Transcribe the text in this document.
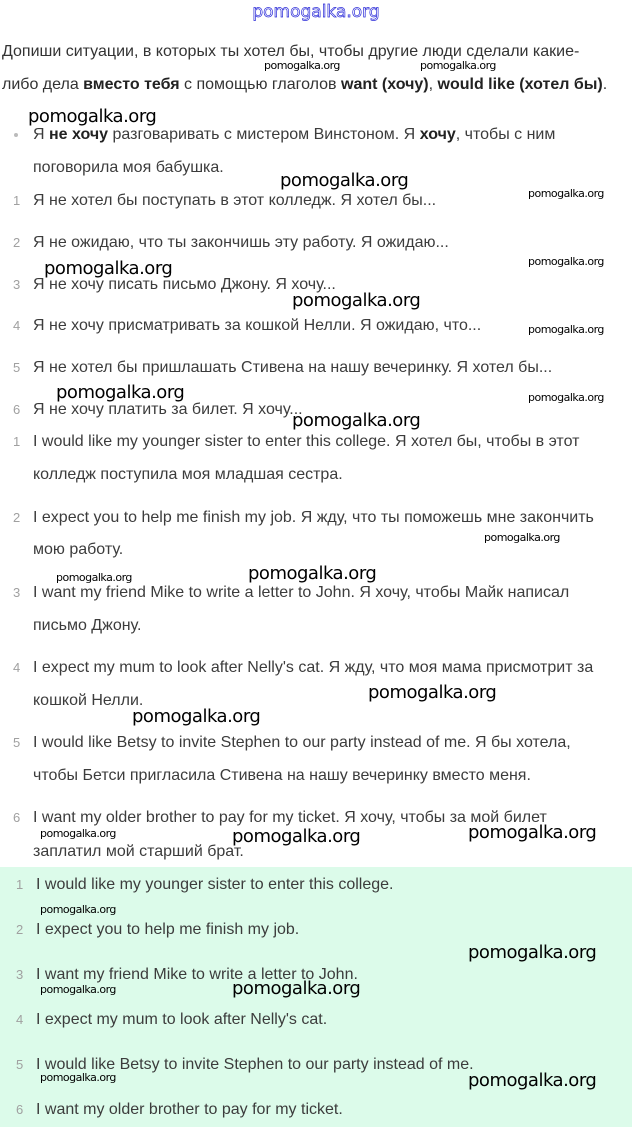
pomogalka.org
Допиши ситуации, в которых ты хотел бы, чтобы другие люди сделали какие-
либо дела вместо тебя с помощью глаголов want (хочу), would like (хотел бы).
Я не хочу разговаривать с мистером Винстоном. Я хочу, чтобы с ним
поговорила моя бабушка.
1 Я не хотел бы поступать в этот колледж. Я хотел бы...
2 Я не ожидаю, что ты закончишь эту работу. Я ожидаю...
3 Я не хочу писать письмо Джону. Я хочу...
4 Я не хочу присматривать за кошкой Нелли. Я ожидаю, что...
5 Я не хотел бы пришлашать Стивена на нашу вечеринку. Я хотел бы...
6 Я не хочу платить за билет. Я хочу...
1 I would like my younger sister to enter this college. Я хотел бы, чтобы в этот
колледж поступила моя младшая сестра.
2 I expect you to help me finish my job. Я жду, что ты поможешь мне закончить
мою работу.
3 I want my friend Mike to write a letter to John. Я хочу, чтобы Майк написал
письмо Джону.
4 I expect my mum to look after Nelly's cat. Я жду, что моя мама присмотрит за
кошкой Нелли.
5 I would like Betsy to invite Stephen to our party instead of me. Я бы хотела,
чтобы Бетси пригласила Стивена на нашу вечеринку вместо меня.
6 I want my older brother to pay for my ticket. Я хочу, чтобы за мой билет
заплатил мой старший брат.
1 I would like my younger sister to enter this college.
2 I expect you to help me finish my job.
3 I want my friend Mike to write a letter to John.
4 I expect my mum to look after Nelly's cat.
5 I would like Betsy to invite Stephen to our party instead of me.
6 I want my older brother to pay for my ticket.
pomogalka.org
pomogalka.org
pomogalka.org
pomogalka.org
pomogalka.org
pomogalka.org
pomogalka.org
pomogalka.org
pomogalka.org
pomogalka.org	pomogalka.org
pomogalka.org
pomogalka.org
pomogalka.org
pomogalka.org	pomogalka.org
pomogalka.org
pomogalka.org
pomogalka.org
pomogalka.org
pomogalka.org
pomogalka.org
pomogalka.org
pomogalka.org
pomogalka.org
pomogalka.org
